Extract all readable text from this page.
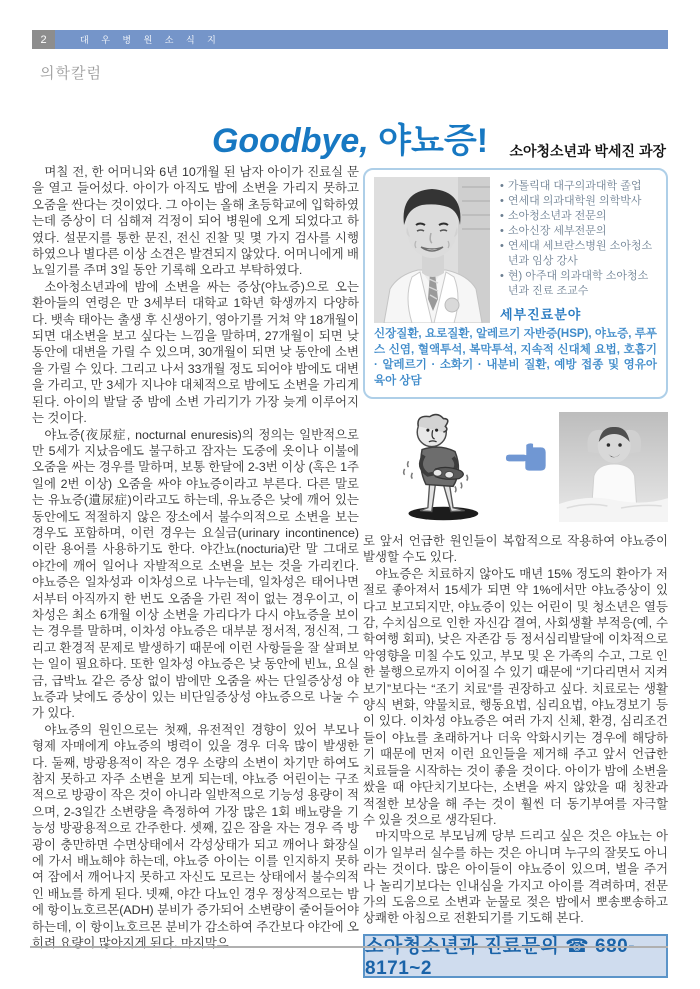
2	대 우 병 원 소 식 지
의학칼럼
Goodbye, 야뇨증!	소아청소년과 박세진 과장

며칠 전, 한 어머니와 6년 10개월 된 남자 아이가 진료실 문을 열고 들어섰다. 아이가 아직도 밤에 소변을 가리지 못하고 오줌을 싼다는 것이었다. 그 아이는 올해 초등학교에 입학하였는데 증상이 더 심해져 걱정이 되어 병원에 오게 되었다고 하였다. 설문지를 통한 문진, 전신 진찰 및 몇 가지 검사를 시행하였으나 별다른 이상 소견은 발견되지 않았다. 어머니에게 배뇨일기를 주며 3일 동안 기록해 오라고 부탁하였다.

소아청소년과에 밤에 소변을 싸는 증상(야뇨증)으로 오는 환아들의 연령은 만 3세부터 대학교 1학년 학생까지 다양하다. 뱃속 태아는 출생 후 신생아기, 영아기를 거쳐 약 18개월이 되면 대소변을 보고 싶다는 느낌을 말하며, 27개월이 되면 낮 동안에 대변을 가릴 수 있으며, 30개월이 되면 낮 동안에 소변을 가릴 수 있다. 그리고 나서 33개월 정도 되어야 밤에도 대변을 가리고, 만 3세가 지나야 대체적으로 밤에도 소변을 가리게 된다. 아이의 발달 중 밤에 소변 가리기가 가장 늦게 이루어지는 것이다.

야뇨증(夜尿症, nocturnal enuresis)의 정의는 일반적으로 만 5세가 지났음에도 불구하고 잠자는 도중에 옷이나 이불에 오줌을 싸는 경우를 말하며, 보통 한달에 2-3번 이상 (혹은 1주일에 2번 이상) 오줌을 싸야 야뇨증이라고 부른다. 다른 말로는 유뇨증(遺尿症)이라고도 하는데, 유뇨증은 낮에 깨어 있는 동안에도 적절하지 않은 장소에서 불수의적으로 소변을 보는 경우도 포함하며, 이런 경우는 요실금(urinary incontinence)이란 용어를 사용하기도 한다. 야간뇨(nocturia)란 말 그대로 야간에 깨어 일어나 자발적으로 소변을 보는 것을 가리킨다. 야뇨증은 일차성과 이차성으로 나누는데, 일차성은 태어나면서부터 아직까지 한 번도 오줌을 가린 적이 없는 경우이고, 이차성은 최소 6개월 이상 소변을 가리다가 다시 야뇨증을 보이는 경우를 말하며, 이차성 야뇨증은 대부분 정서적, 정신적, 그리고 환경적 문제로 발생하기 때문에 이런 사항들을 잘 살펴보는 일이 필요하다. 또한 일차성 야뇨증은 낮 동안에 빈뇨, 요실금, 급박뇨 같은 증상 없이 밤에만 오줌을 싸는 단일증상성 야뇨증과 낮에도 증상이 있는 비단일증상성 야뇨증으로 나눌 수가 있다.

야뇨증의 원인으로는 첫째, 유전적인 경향이 있어 부모나 형제 자매에게 야뇨증의 병력이 있을 경우 더욱 많이 발생한다. 둘째, 방광용적이 작은 경우 소량의 소변이 차기만 하여도 참지 못하고 자주 소변을 보게 되는데, 야뇨증 어린이는 구조적으로 방광이 작은 것이 아니라 일반적으로 기능성 용량이 적으며, 2-3일간 소변량을 측정하여 가장 많은 1회 배뇨량을 기능성 방광용적으로 간주한다. 셋째, 깊은 잠을 자는 경우 즉 방광이 충만하면 수면상태에서 각성상태가 되고 깨어나 화장실에 가서 배뇨해야 하는데, 야뇨증 아이는 이를 인지하지 못하여 잠에서 깨어나지 못하고 자신도 모르는 상태에서 불수의적인 배뇨를 하게 된다. 넷째, 야간 다뇨인 경우 정상적으로는 밤에 항이뇨호르몬(ADH) 분비가 증가되어 소변량이 줄어들어야 하는데, 이 항이뇨호르몬 분비가 감소하여 주간보다 야간에 오히려 요량이 많아지게 된다. 마지막으

• 가톨릭대 대구의과대학 졸업
• 연세대 의과대학원 의학박사
• 소아청소년과 전문의
• 소아신장 세부전문의
• 연세대 세브란스병원 소아청소년과 임상 강사
• 현) 아주대 의과대학 소아청소년과 진료 조교수
세부진료분야
신장질환, 요로질환, 알레르기 자반증(HSP), 야뇨증, 루푸스 신염, 혈액투석, 복막투석, 지속적 신대체 요법, 호흡기 · 알레르기 · 소화기 · 내분비 질환, 예방 접종 및 영유아 육아 상담

로 앞서 언급한 원인들이 복합적으로 작용하여 야뇨증이 발생할 수도 있다.

야뇨증은 치료하지 않아도 매년 15% 정도의 환아가 저절로 좋아져서 15세가 되면 약 1%에서만 야뇨증상이 있다고 보고되지만, 야뇨증이 있는 어린이 및 청소년은 열등감, 수치심으로 인한 자신감 결여, 사회생활 부적응(예, 수학여행 회피), 낮은 자존감 등 정서심리발달에 이차적으로 악영향을 미칠 수도 있고, 부모 및 온 가족의 수고, 그로 인한 불행으로까지 이어질 수 있기 때문에 “기다리면서 지켜보기”보다는 “조기 치료”를 권장하고 싶다. 치료로는 생활양식 변화, 약물치료, 행동요법, 심리요법, 야뇨경보기 등이 있다. 이차성 야뇨증은 여러 가지 신체, 환경, 심리조건들이 야뇨를 초래하거나 더욱 악화시키는 경우에 해당하기 때문에 먼저 이런 요인들을 제거해 주고 앞서 언급한 치료들을 시작하는 것이 좋을 것이다. 아이가 밤에 소변을 쌌을 때 야단치기보다는, 소변을 싸지 않았을 때 칭찬과 적절한 보상을 해 주는 것이 훨씬 더 동기부여를 자극할 수 있을 것으로 생각된다.

마지막으로 부모님께 당부 드리고 싶은 것은 야뇨는 아이가 일부러 실수를 하는 것은 아니며 누구의 잘못도 아니라는 것이다. 많은 아이들이 야뇨증이 있으며, 벌을 주거나 놀리기보다는 인내심을 가지고 아이를 격려하며, 전문가의 도움으로 소변과 눈물로 젖은 밤에서 뽀송뽀송하고 상쾌한 아침으로 전환되기를 기도해 본다.

소아청소년과 진료문의 ☎ 680-8171~2
